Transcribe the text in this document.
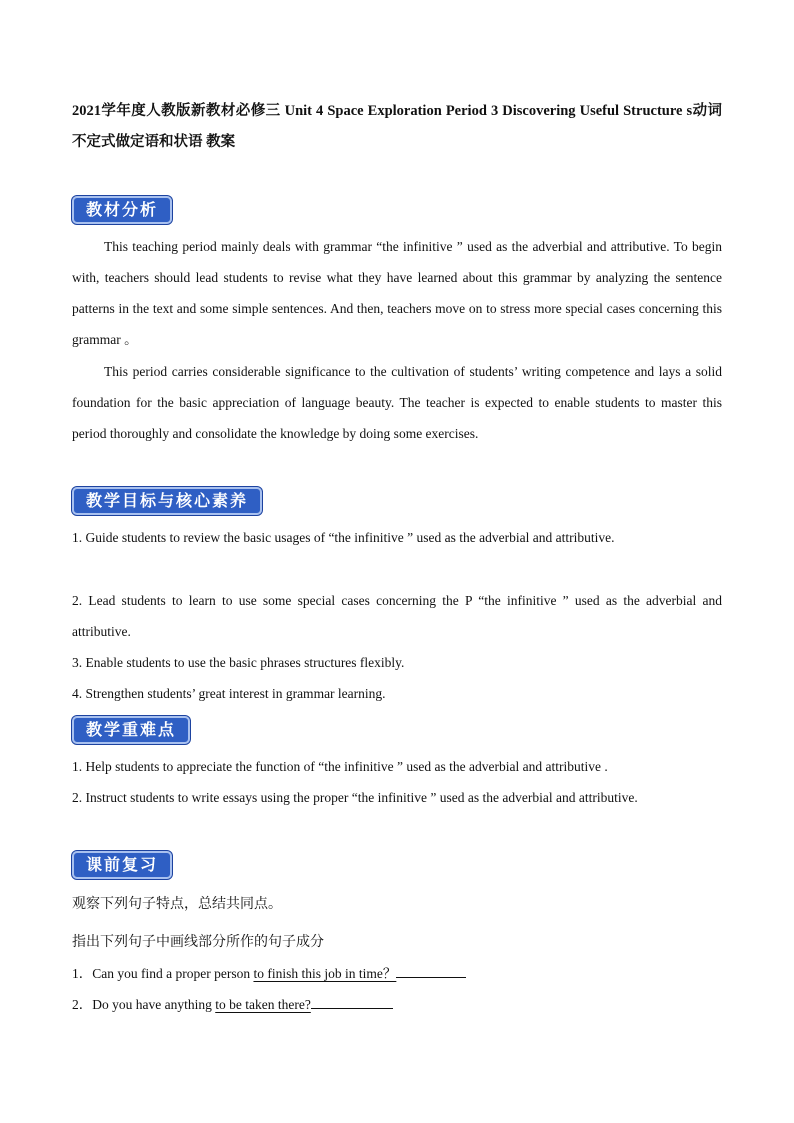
2021学年度人教版新教材必修三 Unit 4 Space Exploration Period 3 Discovering Useful Structure s动词不定式做定语和状语 教案
教材分析
This teaching period mainly deals with grammar “the infinitive ” used as the adverbial and attributive. To begin with, teachers should lead students to revise what they have learned about this grammar by analyzing the sentence patterns in the text and some simple sentences. And then, teachers move on to stress more special cases concerning this grammar 。
This period carries considerable significance to the cultivation of students’ writing competence and lays a solid foundation for the basic appreciation of language beauty. The teacher is expected to enable students to master this period thoroughly and consolidate the knowledge by doing some exercises.
教学目标与核心素养
1. Guide students to review the basic usages of “the infinitive ” used as the adverbial and attributive.
2. Lead students to learn to use some special cases concerning the P “the infinitive ” used as the adverbial and attributive.
3. Enable students to use the basic phrases structures flexibly.
4. Strengthen students’ great interest in grammar learning.
教学重难点
1. Help students to appreciate the function of “the infinitive ” used as the adverbial and attributive .
2. Instruct students to write essays using the proper “the infinitive ” used as the adverbial and attributive.
课前复习
观察下列句子特点，总结共同点。
指出下列句子中画线部分所作的句子成分
1．Can you find a proper person to finish this job in time？
2．Do you have anything to be taken there?
